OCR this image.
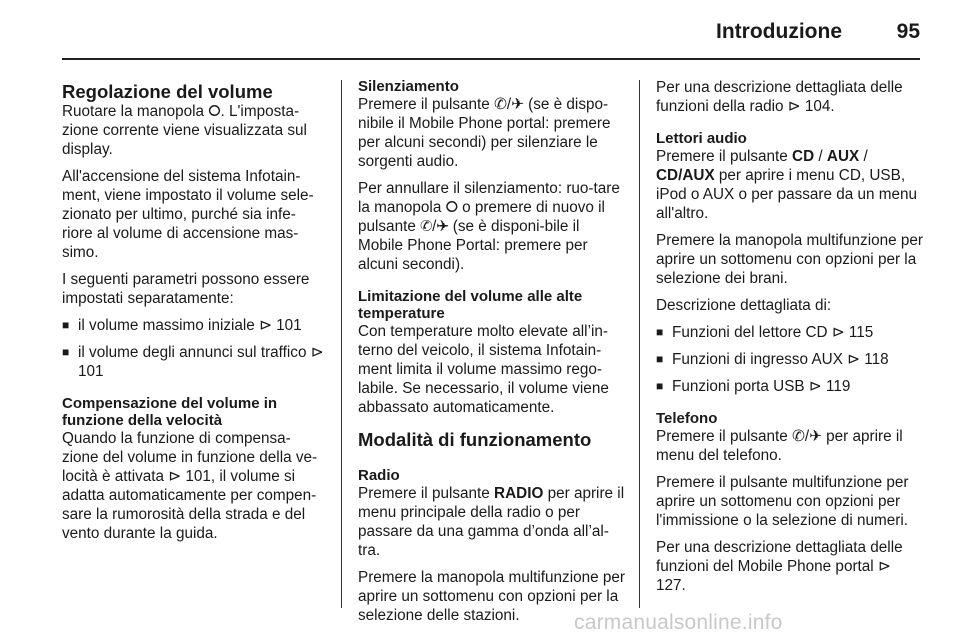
Introduzione	95
Regolazione del volume

Ruotare la manopola ⭘. L'imposta-zione corrente viene visualizzata sul display.

All'accensione del sistema Infotain-ment, viene impostato il volume sele-zionato per ultimo, purché sia infe-riore al volume di accensione mas-simo.

I seguenti parametri possono essere impostati separatamente:

■ il volume massimo iniziale ⊳ 101
■ il volume degli annunci sul traffico ⊳ 101
Compensazione del volume in funzione della velocità

Quando la funzione di compensa-zione del volume in funzione della ve-locità è attivata ⊳ 101, il volume si adatta automaticamente per compen-sare la rumorosità della strada e del vento durante la guida.

Silenziamento

Premere il pulsante ✆/✈ (se è dispo-nibile il Mobile Phone portal: premere per alcuni secondi) per silenziare le sorgenti audio.

Per annullare il silenziamento: ruo-tare la manopola ⭘ o premere di nuovo il pulsante ✆/✈ (se è disponi-bile il Mobile Phone Portal: premere per alcuni secondi).

Limitazione del volume alle alte temperature

Con temperature molto elevate all’in-terno del veicolo, il sistema Infotain-ment limita il volume massimo rego-labile. Se necessario, il volume viene abbassato automaticamente.

Modalità di funzionamento
Radio

Premere il pulsante RADIO per aprire il menu principale della radio o per passare da una gamma d’onda all’al-tra.

Premere la manopola multifunzione per aprire un sottomenu con opzioni per la selezione delle stazioni.

Per una descrizione dettagliata delle funzioni della radio ⊳ 104.

Lettori audio

Premere il pulsante CD / AUX / CD/AUX per aprire i menu CD, USB, iPod o AUX o per passare da un menu all'altro.

Premere la manopola multifunzione per aprire un sottomenu con opzioni per la selezione dei brani.

Descrizione dettagliata di:

■ Funzioni del lettore CD ⊳ 115
■ Funzioni di ingresso AUX ⊳ 118
■ Funzioni porta USB ⊳ 119
Telefono

Premere il pulsante ✆/✈ per aprire il menu del telefono.

Premere il pulsante multifunzione per aprire un sottomenu con opzioni per l'immissione o la selezione di numeri.

Per una descrizione dettagliata delle funzioni del Mobile Phone portal ⊳ 127.

carmanualsonline.info
